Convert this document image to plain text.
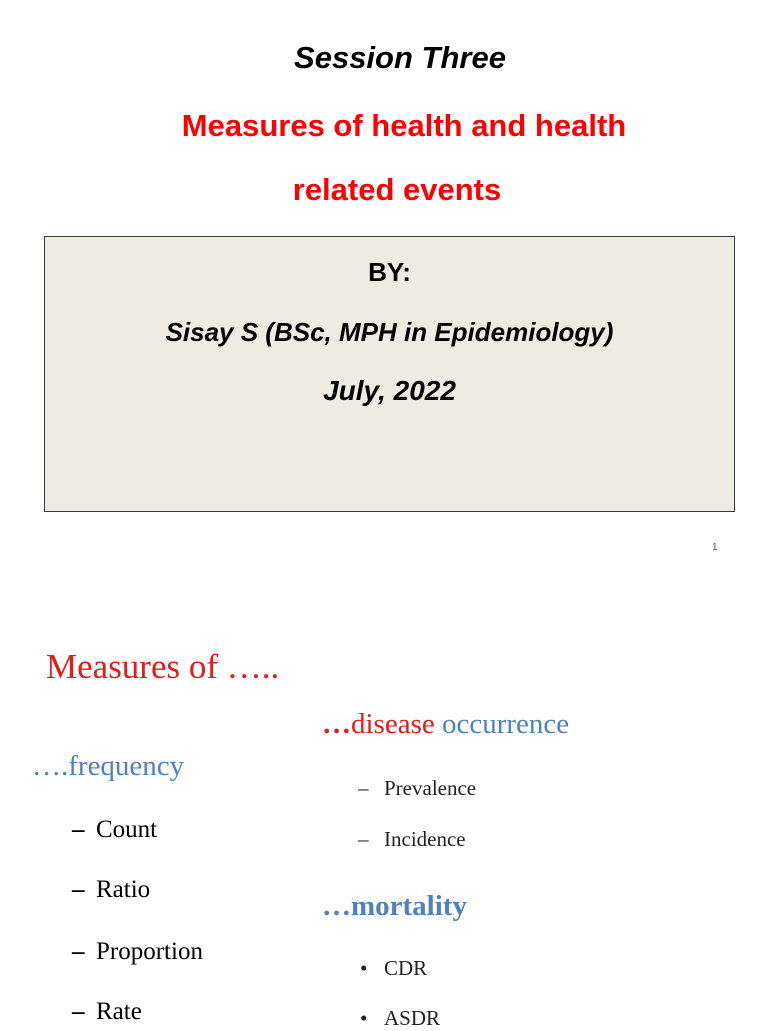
Session Three
Measures of health and health
related events
BY:
Sisay S (BSc, MPH in Epidemiology)
July, 2022
1
Measures of …..
….frequency
– Count
– Ratio
– Proportion
– Rate
…disease occurrence
– Prevalence
– Incidence
…mortality
• CDR
• ASDR
